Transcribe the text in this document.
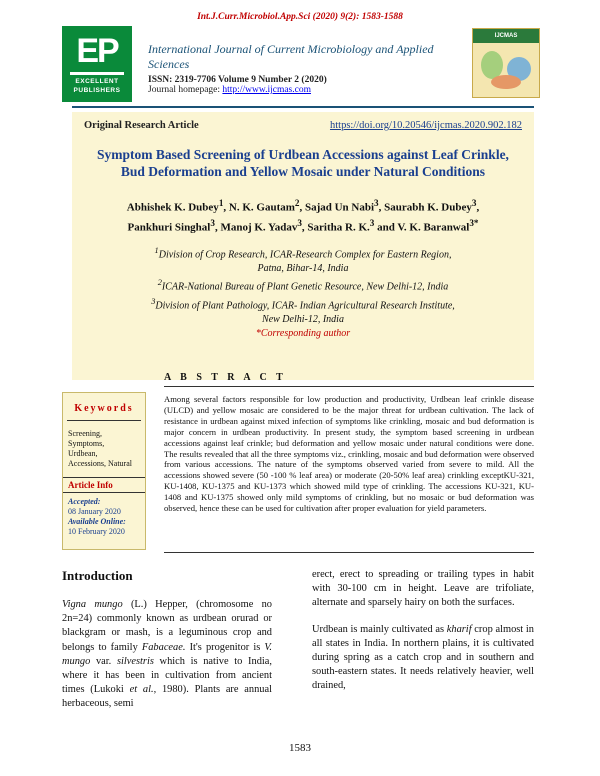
Int.J.Curr.Microbiol.App.Sci (2020) 9(2): 1583-1588
EP
EXCELLENT PUBLISHERS
International Journal of Current Microbiology and Applied Sciences
ISSN: 2319-7706 Volume 9 Number 2 (2020)
Journal homepage: http://www.ijcmas.com
IJCMAS
Original Research Article	https://doi.org/10.20546/ijcmas.2020.902.182
Symptom Based Screening of Urdbean Accessions against Leaf Crinkle,
Bud Deformation and Yellow Mosaic under Natural Conditions
Abhishek K. Dubey$^1$, N. K. Gautam$^2$, Sajad Un Nabi$^3$, Saurabh K. Dubey$^3$,
Pankhuri Singhal$^3$, Manoj K. Yadav$^3$, Saritha R. K.$^3$ and V. K. Baranwal$^{3*}$
$^1$Division of Crop Research, ICAR-Research Complex for Eastern Region,
Patna, Bihar-14, India
$^2$ICAR-National Bureau of Plant Genetic Resource, New Delhi-12, India
$^3$Division of Plant Pathology, ICAR- Indian Agricultural Research Institute,
New Delhi-12, India
*Corresponding author
A B S T R A C T
Keywords
Screening,
Symptoms,
Urdbean,
Accessions, Natural
Article Info
Accepted:
08 January 2020
Available Online:
10 February 2020
Among several factors responsible for low production and productivity, Urdbean leaf crinkle disease (ULCD) and yellow mosaic are considered to be the major threat for urdbean cultivation. The lack of resistance in urdbean against mixed infection of symptoms like crinkling, mosaic and bud deformation is major concern in urdbean productivity. In present study, the symptom based screening in urdbean accessions against leaf crinkle; bud deformation and yellow mosaic under natural conditions were done. The results revealed that all the three symptoms viz., crinkling, mosaic and bud deformation were observed from various accessions. The nature of the symptoms observed varied from severe to mild. All the accessions showed severe (50 -100 % leaf area) or moderate (20-50% leaf area) crinkling exceptKU-321, KU-1408, KU-1375 and KU-1373 which showed mild type of crinkling. The accessions KU-321, KU-1408 and KU-1375 showed only mild symptoms of crinkling, but no mosaic or bud deformation was observed, hence these can be used for cultivation after proper evaluation for yield parameters.
Introduction

Vigna mungo (L.) Hepper, (chromosome no 2n=24) commonly known as urdbean orurad or blackgram or mash, is a leguminous crop and belongs to family Fabaceae. It's progenitor is V. mungo var. silvestris which is native to India, where it has been in cultivation from ancient times (Lukoki et al., 1980). Plants are annual herbaceous, semi

erect, erect to spreading or trailing types in habit with 30-100 cm in height. Leave are trifoliate, alternate and sparsely hairy on both the surfaces.

Urdbean is mainly cultivated as kharif crop almost in all states in India. In northern plains, it is cultivated during spring as a catch crop and in southern and south-eastern states. It needs relatively heavier, well drained,

1583
